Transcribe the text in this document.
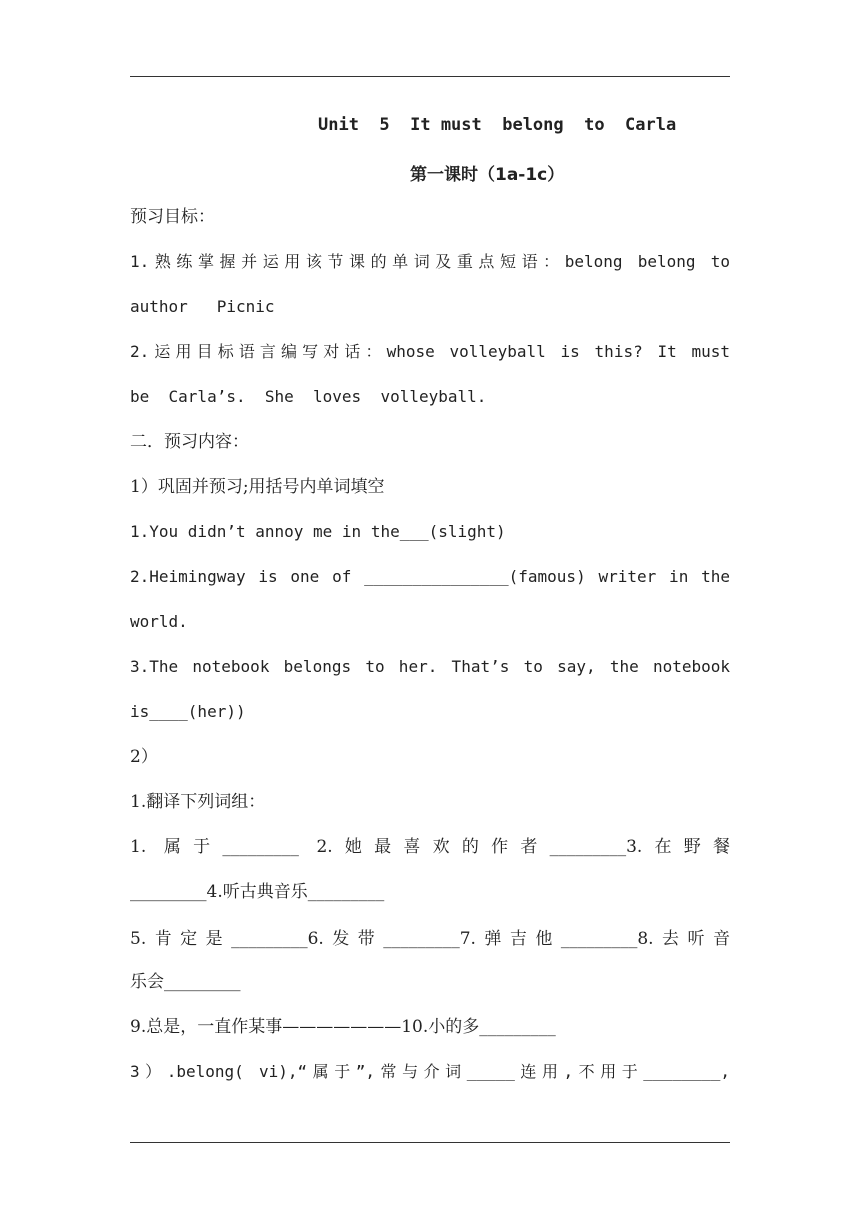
Unit  5  It must  belong  to  Carla
第一课时（1a-1c）
预习目标：
1.熟练掌握并运用该节课的单词及重点短语：belong belong to
author   Picnic
2.运用目标语言编写对话：whose volleyball is this? It must
be  Carla’s.  She  loves  volleyball.
二．预习内容：
1）巩固并预习;用括号内单词填空
1.You didn’t annoy me in the___(slight)
2.Heimingway is one of _______________(famous) writer in the
world.
3.The notebook belongs to her. That’s to say, the notebook
is____(her))
2）
1.翻译下列词组：
1. 属于_________ 2.她最喜欢的作者_________3.在野餐
_________4.听古典音乐_________
5.肯定是_________6.发带_________7.弹吉他_________8.去听音
乐会_________
9.总是，一直作某事———————10.小的多_________
3）.belong( vi),“属于”,常与介词_____连用,不用于________,
